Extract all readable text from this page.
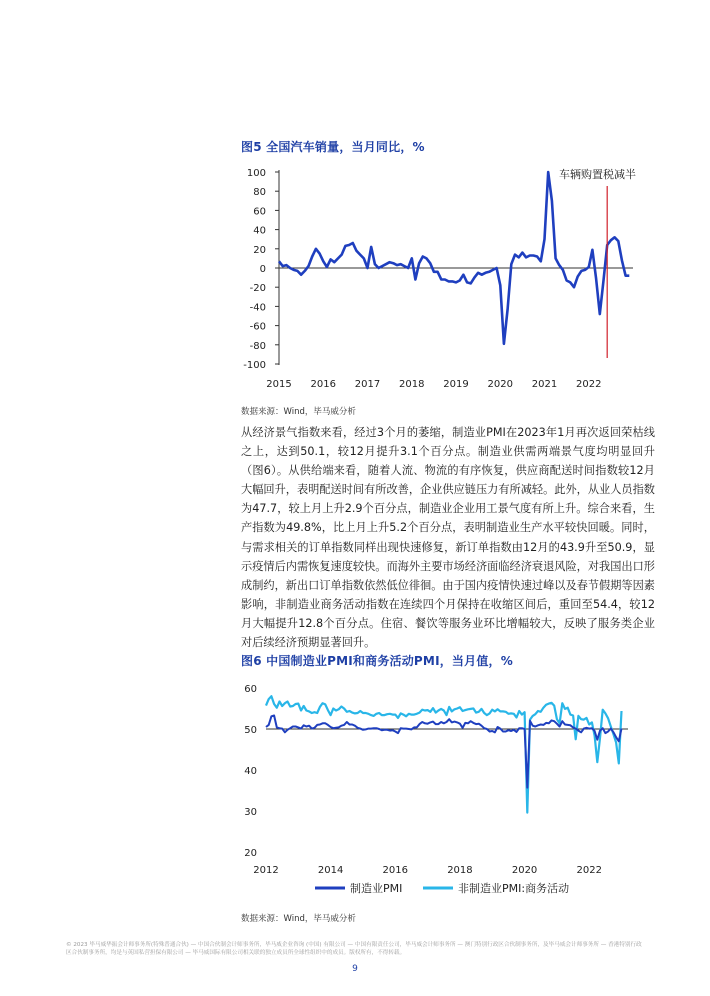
图5 全国汽车销量，当月同比，%
100
80
60
40
20
0
-20
-40
-60
-80
-100
2015 2016 2017 2018 2019 2020 2021 2022
车辆购置税减半
数据来源：Wind，毕马威分析
从经济景气指数来看，经过3个月的萎缩，制造业PMI在2023年1月再次返回荣枯线之上，达到50.1，较12月提升3.1个百分点。制造业供需两端景气度均明显回升（图6）。从供给端来看，随着人流、物流的有序恢复，供应商配送时间指数较12月大幅回升，表明配送时间有所改善，企业供应链压力有所减轻。此外，从业人员指数为47.7，较上月上升2.9个百分点，制造业企业用工景气度有所上升。综合来看，生产指数为49.8%，比上月上升5.2个百分点，表明制造业生产水平较快回暖。同时，与需求相关的订单指数同样出现快速修复，新订单指数由12月的43.9升至50.9，显示疫情后内需恢复速度较快。而海外主要市场经济面临经济衰退风险，对我国出口形成制约，新出口订单指数依然低位徘徊。由于国内疫情快速过峰以及春节假期等因素影响，非制造业商务活动指数在连续四个月保持在收缩区间后，重回至54.4，较12月大幅提升12.8个百分点。住宿、餐饮等服务业环比增幅较大，反映了服务类企业对后续经济预期显著回升。
图6 中国制造业PMI和商务活动PMI，当月值，%
60
50
40
30
20
2012	2014	2016	2018	2020	2022
制造业PMI	非制造业PMI:商务活动
数据来源：Wind，毕马威分析
© 2023 毕马威华振会计师事务所(特殊普通合伙) — 中国合伙制会计师事务所，毕马威企业咨询 (中国) 有限公司 — 中国有限责任公司，毕马威会计师事务所 — 澳门特别行政区合伙制事务所，及毕马威会计师事务所 — 香港特别行政区合伙制事务所，均是与英国私营担保有限公司 — 毕马威国际有限公司相关联的独立成员所全球性组织中的成员。版权所有，不得转载。
9
